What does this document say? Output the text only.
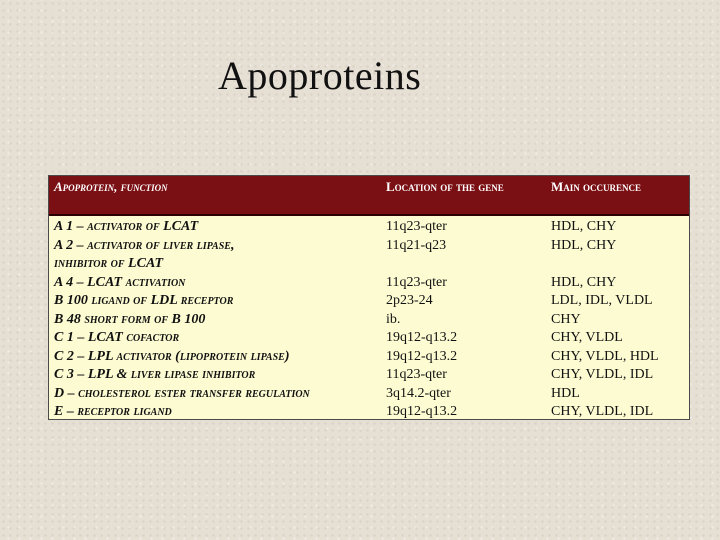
Apoproteins
Apoprotein, function	Location of the gene	Main occurence
A 1 – activator of LCAT	11q23-qter	HDL, CHY
A 2 – activator of liver lipase,	11q21-q23	HDL, CHY
inhibitor of LCAT
A 4 – LCAT activation	11q23-qter	HDL, CHY
B 100 ligand of LDL receptor	2p23-24	LDL, IDL, VLDL
B 48 short form of B 100	ib.	CHY
C 1 – LCAT cofactor	19q12-q13.2	CHY, VLDL
C 2 – LPL activator (lipoprotein lipase)	19q12-q13.2	CHY, VLDL, HDL
C 3 – LPL & liver lipase inhibitor	11q23-qter	CHY, VLDL, IDL
D – cholesterol ester transfer regulation	3q14.2-qter	HDL
E – receptor ligand	19q12-q13.2	CHY, VLDL, IDL
